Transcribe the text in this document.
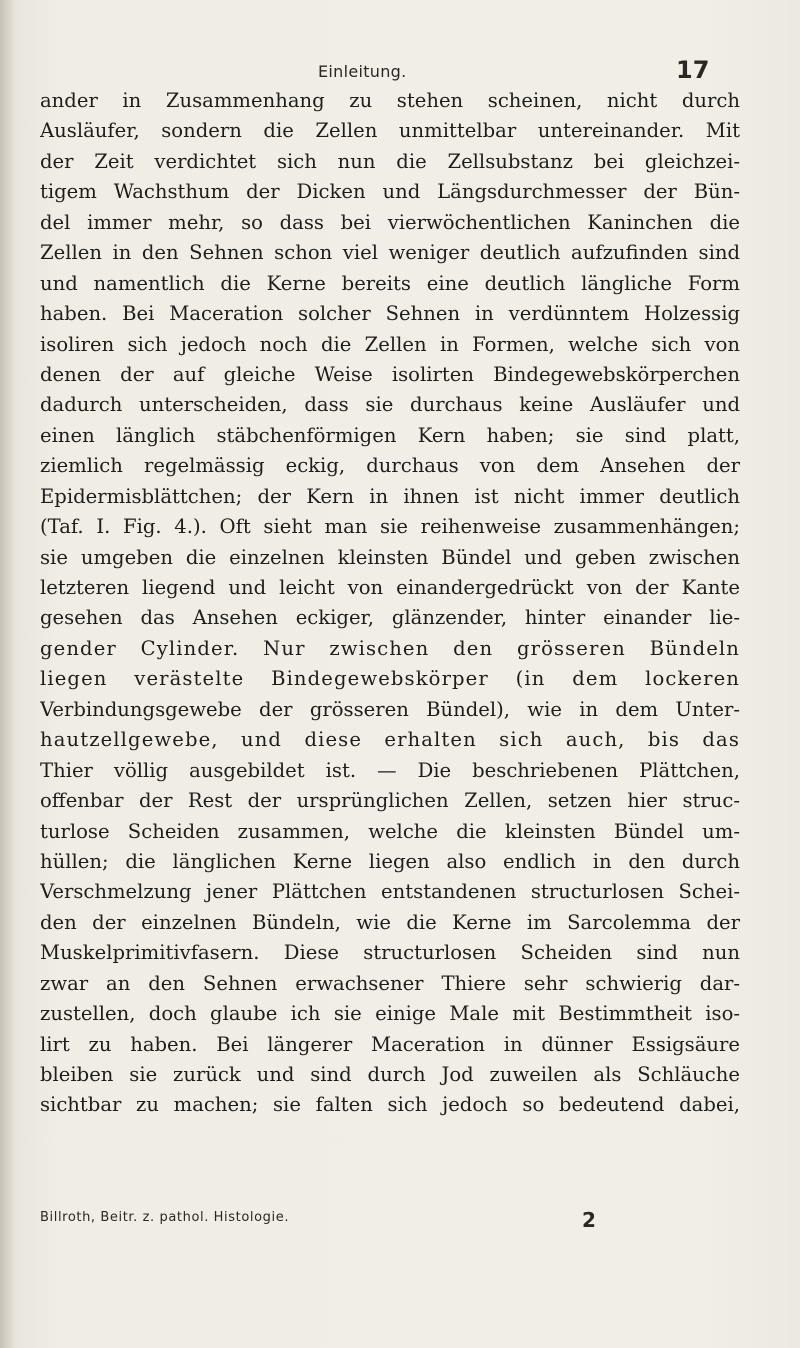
Einleitung.	17
ander in Zusammenhang zu stehen scheinen, nicht durch
Ausläufer, sondern die Zellen unmittelbar untereinander. Mit
der Zeit verdichtet sich nun die Zellsubstanz bei gleichzei-
tigem Wachsthum der Dicken und Längsdurchmesser der Bün-
del immer mehr, so dass bei vierwöchentlichen Kaninchen die
Zellen in den Sehnen schon viel weniger deutlich aufzufinden sind
und namentlich die Kerne bereits eine deutlich längliche Form
haben. Bei Maceration solcher Sehnen in verdünntem Holzessig
isoliren sich jedoch noch die Zellen in Formen, welche sich von
denen der auf gleiche Weise isolirten Bindegewebskörperchen
dadurch unterscheiden, dass sie durchaus keine Ausläufer und
einen länglich stäbchenförmigen Kern haben; sie sind platt,
ziemlich regelmässig eckig, durchaus von dem Ansehen der
Epidermisblättchen; der Kern in ihnen ist nicht immer deutlich
(Taf. I. Fig. 4.). Oft sieht man sie reihenweise zusammenhängen;
sie umgeben die einzelnen kleinsten Bündel und geben zwischen
letzteren liegend und leicht von einandergedrückt von der Kante
gesehen das Ansehen eckiger, glänzender, hinter einander lie-
gender Cylinder. Nur zwischen den grösseren Bündeln
liegen verästelte Bindegewebskörper (in dem lockeren
Verbindungsgewebe der grösseren Bündel), wie in dem Unter-
hautzellgewebe, und diese erhalten sich auch, bis das
Thier völlig ausgebildet ist. — Die beschriebenen Plättchen,
offenbar der Rest der ursprünglichen Zellen, setzen hier struc-
turlose Scheiden zusammen, welche die kleinsten Bündel um-
hüllen; die länglichen Kerne liegen also endlich in den durch
Verschmelzung jener Plättchen entstandenen structurlosen Schei-
den der einzelnen Bündeln, wie die Kerne im Sarcolemma der
Muskelprimitivfasern. Diese structurlosen Scheiden sind nun
zwar an den Sehnen erwachsener Thiere sehr schwierig dar-
zustellen, doch glaube ich sie einige Male mit Bestimmtheit iso-
lirt zu haben. Bei längerer Maceration in dünner Essigsäure
bleiben sie zurück und sind durch Jod zuweilen als Schläuche
sichtbar zu machen; sie falten sich jedoch so bedeutend dabei,
Billroth, Beitr. z. pathol. Histologie.	2
